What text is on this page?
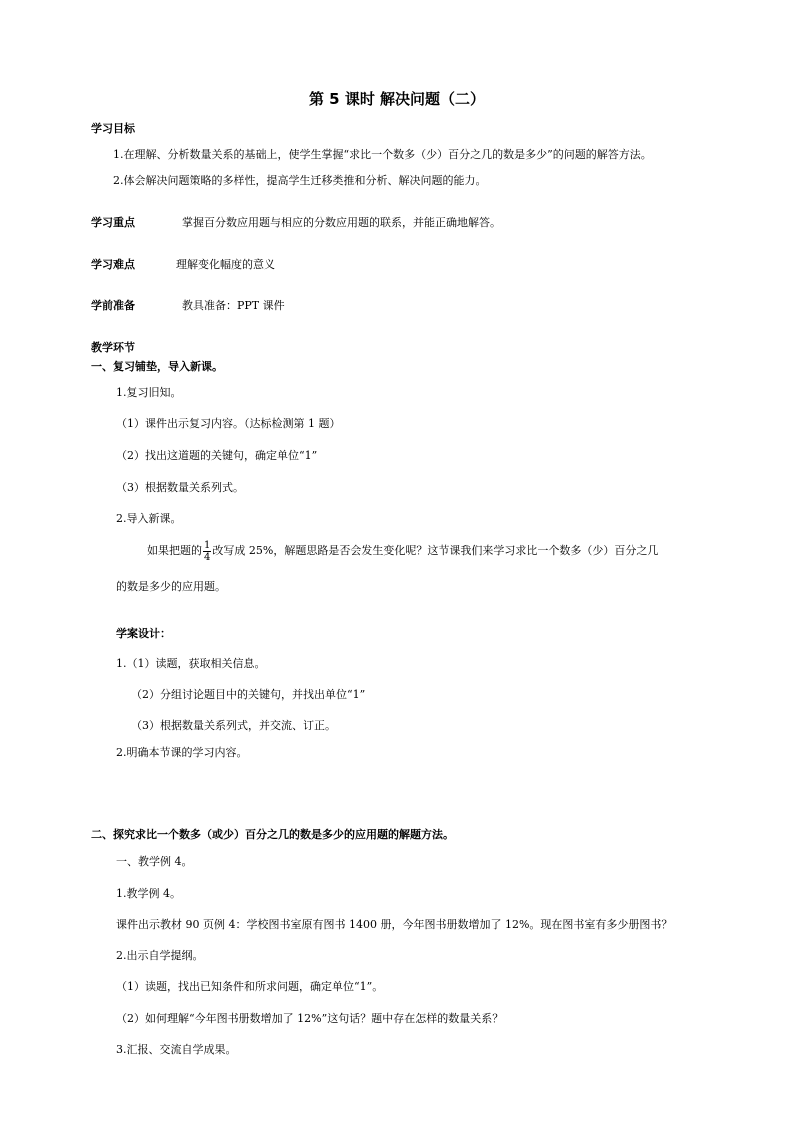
第 5 课时 解决问题（二）
学习目标
1.在理解、分析数量关系的基础上，使学生掌握“求比一个数多（少）百分之几的数是多少”的问题的解答方法。
2.体会解决问题策略的多样性，提高学生迁移类推和分析、解决问题的能力。
学习重点	掌握百分数应用题与相应的分数应用题的联系，并能正确地解答。
学习难点	理解变化幅度的意义
学前准备	教具准备：PPT 课件
教学环节
一、复习铺垫，导入新课。
1.复习旧知。
（1）课件出示复习内容。（达标检测第 1 题）
（2）找出这道题的关键句，确定单位“1”
（3）根据数量关系列式。
2.导入新课。
如果把题的 $\frac{1}{4}$ 改写成 25%，解题思路是否会发生变化呢？这节课我们来学习求比一个数多（少）百分之几
的数是多少的应用题。
学案设计：
1.（1）读题，获取相关信息。
（2）分组讨论题目中的关键句，并找出单位“1”
（3）根据数量关系列式，并交流、订正。
2.明确本节课的学习内容。
二、探究求比一个数多（或少）百分之几的数是多少的应用题的解题方法。
一、教学例 4。
1.教学例 4。
课件出示教材 90 页例 4：学校图书室原有图书 1400 册，今年图书册数增加了 12%。现在图书室有多少册图书？
2.出示自学提纲。
（1）读题，找出已知条件和所求问题，确定单位“1”。
（2）如何理解“今年图书册数增加了 12%”这句话？题中存在怎样的数量关系？
3.汇报、交流自学成果。
